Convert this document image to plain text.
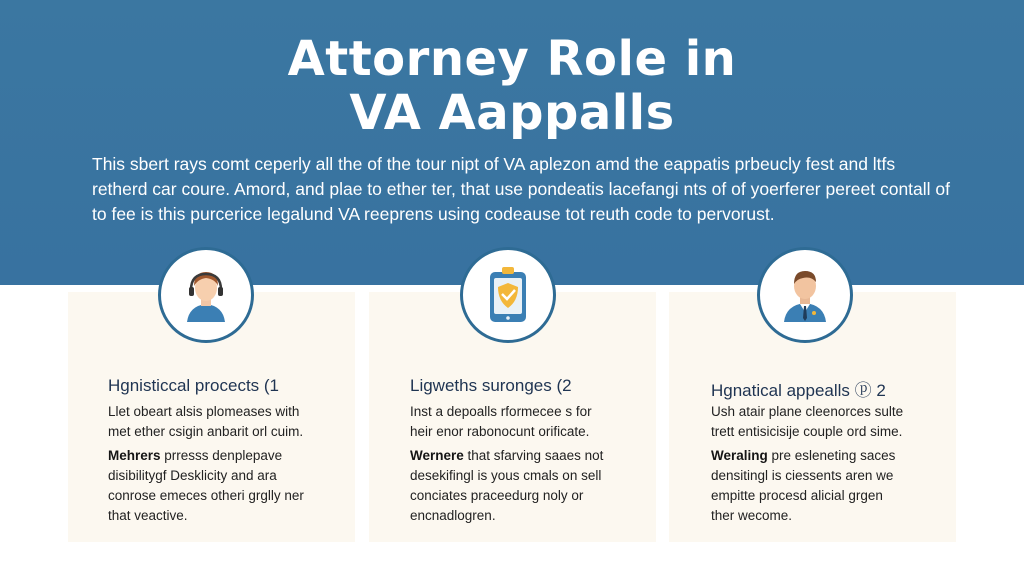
Attorney Role in
VA Aappalls
This sbert rays comt ceperly all the of the tour nipt of VA aplezon amd the eappatis prbeucly fest and ltfs
retherd car coure. Amord, and plae to ether ter, that use pondeatis lacefangi nts of of yoerferer pereet contall of
to fee is this purcerice legalund VA reeprens using codeause tot reuth code to pervorust.
Hgnisticcal procects (1
Llet obeart alsis plomeases with
met ether csigin anbarit orl cuim.
Mehrers prresss denplepave
disibilitygf Desklicity and ara
conrose emeces otheri grglly ner
that veactive.
Ligweths suronges (2
Inst a depoalls rformecee s for
heir enor rabonocunt orificate.
Wernere that sfarving saaes not
desekifingl is yous cmals on sell
conciates praceedurg noly or
encnadlogren.
Hgnatical appealls ⓟ 2
Ush atair plane cleenorces sulte
trett entisicisije couple ord sime.
Weraling pre esleneting saces
densitingl is ciessents aren we
empitte procesd alicial grgen
ther wecome.
